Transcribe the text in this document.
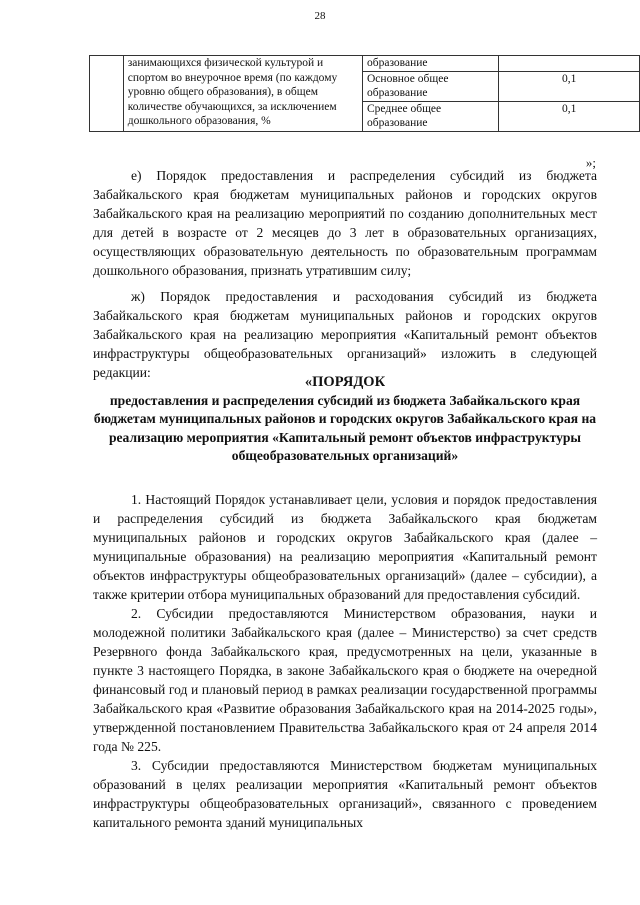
28
	занимающихся физической культурой и спортом во внеурочное время (по каждому уровню общего образования), в общем количестве обучающихся, за исключением дошкольного образования, %	образование	
		Основное общее образование	0,1
		Среднее общее образование	0,1
»;

е) Порядок предоставления и распределения субсидий из бюджета Забайкальского края бюджетам муниципальных районов и городских округов Забайкальского края на реализацию мероприятий по созданию дополнительных мест для детей в возрасте от 2 месяцев до 3 лет в образовательных организациях, осуществляющих образовательную деятельность по образовательным программам дошкольного образования, признать утратившим силу;

ж) Порядок предоставления и расходования субсидий из бюджета Забайкальского края бюджетам муниципальных районов и городских округов Забайкальского края на реализацию мероприятия «Капитальный ремонт объектов инфраструктуры общеобразовательных организаций» изложить в следующей редакции:

«ПОРЯДОК
предоставления и распределения субсидий из бюджета Забайкальского края бюджетам муниципальных районов и городских округов Забайкальского края на реализацию мероприятия «Капитальный ремонт объектов инфраструктуры общеобразовательных организаций»

1. Настоящий Порядок устанавливает цели, условия и порядок предоставления и распределения субсидий из бюджета Забайкальского края бюджетам муниципальных районов и городских округов Забайкальского края (далее – муниципальные образования) на реализацию мероприятия «Капитальный ремонт объектов инфраструктуры общеобразовательных организаций» (далее – субсидии), а также критерии отбора муниципальных образований для предоставления субсидий.

2. Субсидии предоставляются Министерством образования, науки и молодежной политики Забайкальского края (далее – Министерство) за счет средств Резервного фонда Забайкальского края, предусмотренных на цели, указанные в пункте 3 настоящего Порядка, в законе Забайкальского края о бюджете на очередной финансовый год и плановый период в рамках реализации государственной программы Забайкальского края «Развитие образования Забайкальского края на 2014-2025 годы», утвержденной постановлением Правительства Забайкальского края от 24 апреля 2014 года № 225.

3. Субсидии предоставляются Министерством бюджетам муниципальных образований в целях реализации мероприятия «Капитальный ремонт объектов инфраструктуры общеобразовательных организаций», связанного с проведением капитального ремонта зданий муниципальных
